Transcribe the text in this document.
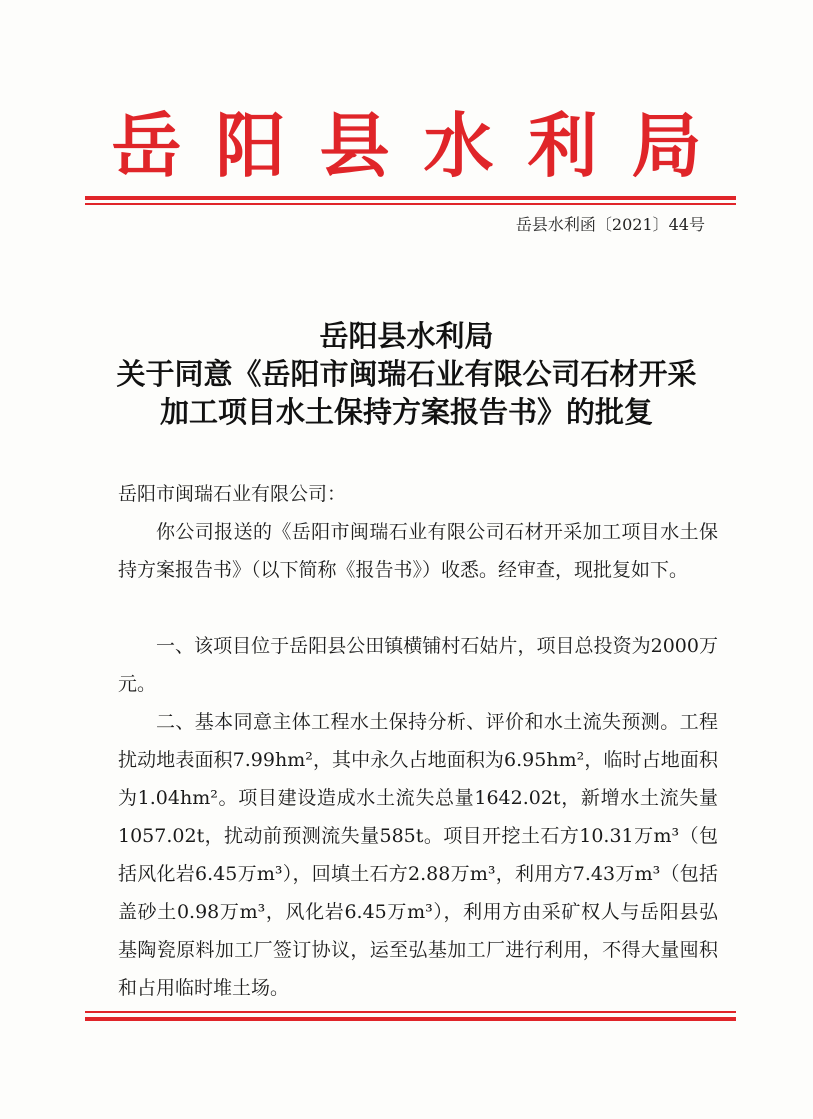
岳阳县水利局
岳县水利函〔2021〕44号
岳阳县水利局
关于同意《岳阳市闽瑞石业有限公司石材开采
加工项目水土保持方案报告书》的批复

岳阳市闽瑞石业有限公司：

你公司报送的《岳阳市闽瑞石业有限公司石材开采加工项目水土保持方案报告书》（以下简称《报告书》）收悉。经审查，现批复如下。

一、该项目位于岳阳县公田镇横铺村石姑片，项目总投资为2000万元。

二、基本同意主体工程水土保持分析、评价和水土流失预测。工程扰动地表面积7.99hm²，其中永久占地面积为6.95hm²，临时占地面积为1.04hm²。项目建设造成水土流失总量1642.02t，新增水土流失量1057.02t，扰动前预测流失量585t。项目开挖土石方10.31万m³（包括风化岩6.45万m³），回填土石方2.88万m³，利用方7.43万m³（包括盖砂土0.98万m³，风化岩6.45万m³），利用方由采矿权人与岳阳县弘基陶瓷原料加工厂签订协议，运至弘基加工厂进行利用，不得大量囤积和占用临时堆土场。
